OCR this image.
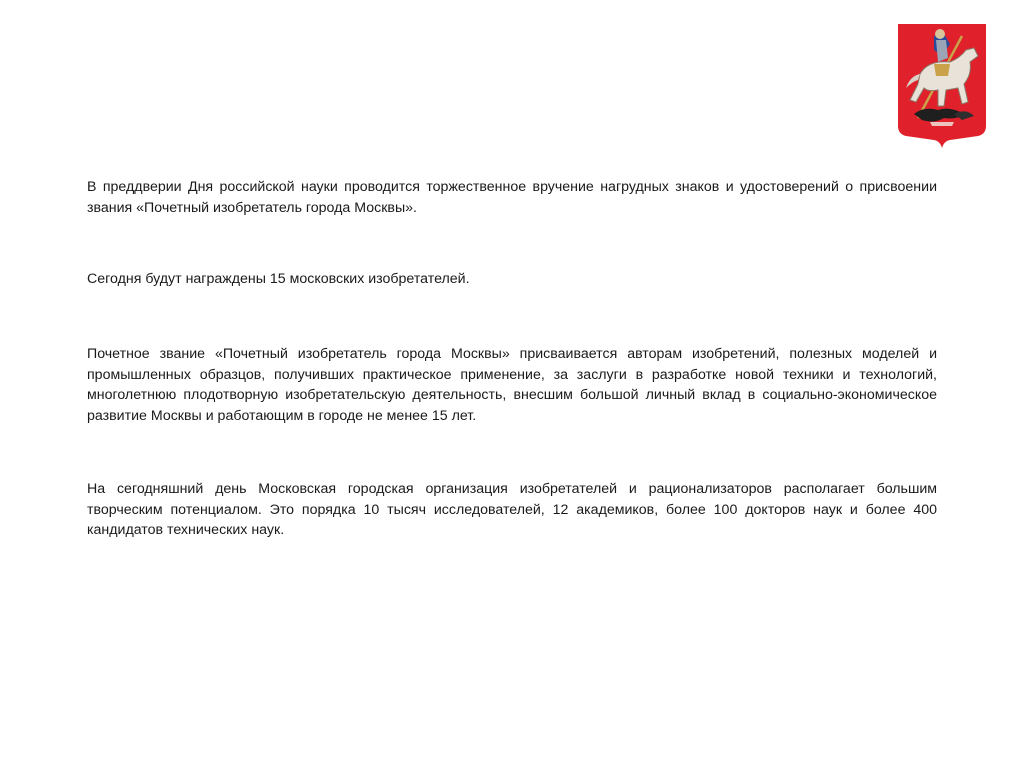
В преддверии Дня российской науки проводится торжественное вручение нагрудных знаков и удостоверений о присвоении звания «Почетный изобретатель города Москвы».

Сегодня будут награждены 15 московских изобретателей.

Почетное звание «Почетный изобретатель города Москвы» присваивается авторам изобретений, полезных моделей и промышленных образцов, получивших практическое применение, за заслуги в разработке новой техники и технологий, многолетнюю плодотворную изобретательскую деятельность, внесшим большой личный вклад в социально-экономическое развитие Москвы и работающим в городе не менее 15 лет.

На сегодняшний день Московская городская организация изобретателей и рационализаторов располагает большим творческим потенциалом. Это порядка 10 тысяч исследователей, 12 академиков, более 100 докторов наук и более 400 кандидатов технических наук.
